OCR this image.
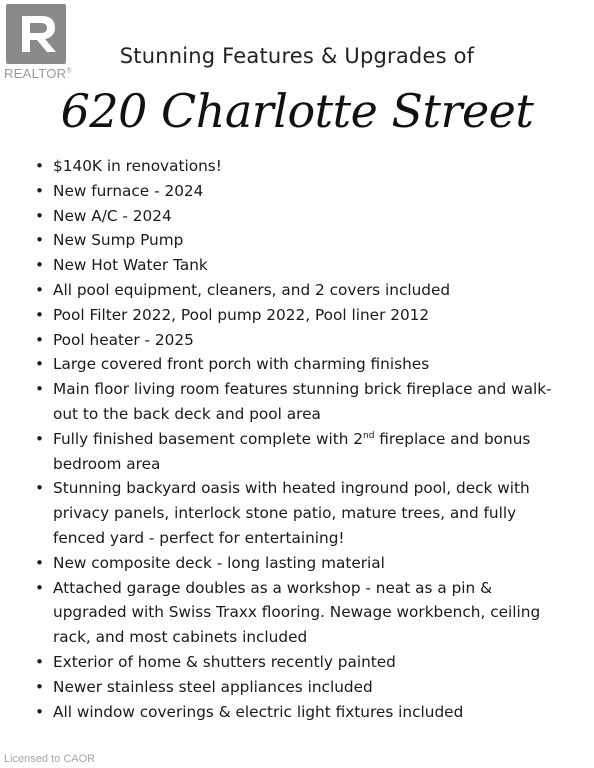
REALTOR®
Stunning Features & Upgrades of
620 Charlotte Street
• $140K in renovations!
• New furnace - 2024
• New A/C - 2024
• New Sump Pump
• New Hot Water Tank
• All pool equipment, cleaners, and 2 covers included
• Pool Filter 2022, Pool pump 2022, Pool liner 2012
• Pool heater - 2025
• Large covered front porch with charming finishes
• Main floor living room features stunning brick fireplace and walk-out to the back deck and pool area
• Fully finished basement complete with 2nd fireplace and bonus bedroom area
• Stunning backyard oasis with heated inground pool, deck with privacy panels, interlock stone patio, mature trees, and fully fenced yard - perfect for entertaining!
• New composite deck - long lasting material
• Attached garage doubles as a workshop - neat as a pin & upgraded with Swiss Traxx flooring. Newage workbench, ceiling rack, and most cabinets included
• Exterior of home & shutters recently painted
• Newer stainless steel appliances included
• All window coverings & electric light fixtures included
Licensed to CAOR
